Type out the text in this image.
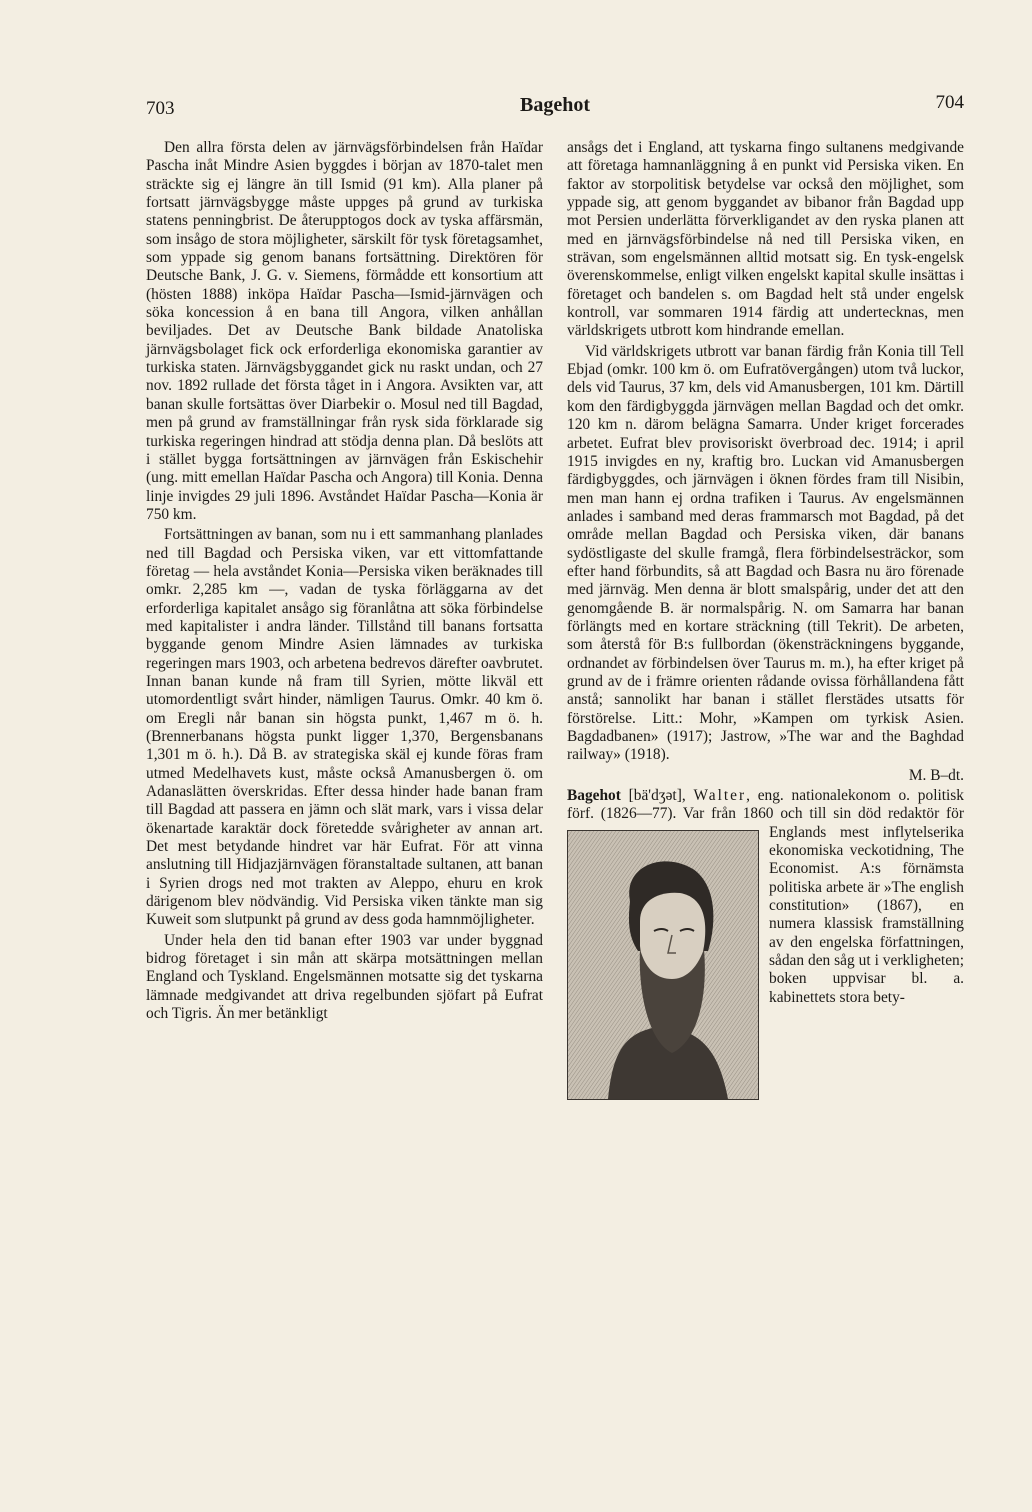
703	Bagehot	704

Den allra första delen av järnvägsförbindelsen från Haïdar Pascha inåt Mindre Asien byggdes i början av 1870-talet men sträckte sig ej längre än till Ismid (91 km). Alla planer på fortsatt järnvägsbygge måste uppges på grund av turkiska statens penningbrist. De återupptogos dock av tyska affärsmän, som insågo de stora möjligheter, särskilt för tysk företagsamhet, som yppade sig genom banans fortsättning. Direktören för Deutsche Bank, J. G. v. Siemens, förmådde ett konsortium att (hösten 1888) inköpa Haïdar Pascha—Ismid-järnvägen och söka koncession å en bana till Angora, vilken anhållan beviljades. Det av Deutsche Bank bildade Anatoliska järnvägsbolaget fick ock erforderliga ekonomiska garantier av turkiska staten. Järnvägsbyggandet gick nu raskt undan, och 27 nov. 1892 rullade det första tåget in i Angora. Avsikten var, att banan skulle fortsättas över Diarbekir o. Mosul ned till Bagdad, men på grund av framställningar från rysk sida förklarade sig turkiska regeringen hindrad att stödja denna plan. Då beslöts att i stället bygga fortsättningen av järnvägen från Eskischehir (ung. mitt emellan Haïdar Pascha och Angora) till Konia. Denna linje invigdes 29 juli 1896. Avståndet Haïdar Pascha—Konia är 750 km.

Fortsättningen av banan, som nu i ett sammanhang planlades ned till Bagdad och Persiska viken, var ett vittomfattande företag — hela avståndet Konia—Persiska viken beräknades till omkr. 2,285 km —, vadan de tyska förläggarna av det erforderliga kapitalet ansågo sig föranlåtna att söka förbindelse med kapitalister i andra länder. Tillstånd till banans fortsatta byggande genom Mindre Asien lämnades av turkiska regeringen mars 1903, och arbetena bedrevos därefter oavbrutet. Innan banan kunde nå fram till Syrien, mötte likväl ett utomordentligt svårt hinder, nämligen Taurus. Omkr. 40 km ö. om Eregli når banan sin högsta punkt, 1,467 m ö. h. (Brennerbanans högsta punkt ligger 1,370, Bergensbanans 1,301 m ö. h.). Då B. av strategiska skäl ej kunde föras fram utmed Medelhavets kust, måste också Amanusbergen ö. om Adanaslätten överskridas. Efter dessa hinder hade banan fram till Bagdad att passera en jämn och slät mark, vars i vissa delar ökenartade karaktär dock företedde svårigheter av annan art. Det mest betydande hindret var här Eufrat. För att vinna anslutning till Hidjazjärnvägen föranstaltade sultanen, att banan i Syrien drogs ned mot trakten av Aleppo, ehuru en krok därigenom blev nödvändig. Vid Persiska viken tänkte man sig Kuweit som slutpunkt på grund av dess goda hamnmöjligheter.

Under hela den tid banan efter 1903 var under byggnad bidrog företaget i sin mån att skärpa motsättningen mellan England och Tyskland. Engelsmännen motsatte sig det tyskarna lämnade medgivandet att driva regelbunden sjöfart på Eufrat och Tigris. Än mer betänkligt

ansågs det i England, att tyskarna fingo sultanens medgivande att företaga hamnanläggning å en punkt vid Persiska viken. En faktor av storpolitisk betydelse var också den möjlighet, som yppade sig, att genom byggandet av bibanor från Bagdad upp mot Persien underlätta förverkligandet av den ryska planen att med en järnvägsförbindelse nå ned till Persiska viken, en strävan, som engelsmännen alltid motsatt sig. En tysk-engelsk överenskommelse, enligt vilken engelskt kapital skulle insättas i företaget och bandelen s. om Bagdad helt stå under engelsk kontroll, var sommaren 1914 färdig att undertecknas, men världskrigets utbrott kom hindrande emellan.

Vid världskrigets utbrott var banan färdig från Konia till Tell Ebjad (omkr. 100 km ö. om Eufratövergången) utom två luckor, dels vid Taurus, 37 km, dels vid Amanusbergen, 101 km. Därtill kom den färdigbyggda järnvägen mellan Bagdad och det omkr. 120 km n. därom belägna Samarra. Under kriget forcerades arbetet. Eufrat blev provisoriskt överbroad dec. 1914; i april 1915 invigdes en ny, kraftig bro. Luckan vid Amanusbergen färdigbyggdes, och järnvägen i öknen fördes fram till Nisibin, men man hann ej ordna trafiken i Taurus. Av engelsmännen anlades i samband med deras frammarsch mot Bagdad, på det område mellan Bagdad och Persiska viken, där banans sydöstligaste del skulle framgå, flera förbindelsesträckor, som efter hand förbundits, så att Bagdad och Basra nu äro förenade med järnväg. Men denna är blott smalspårig, under det att den genomgående B. är normalspårig. N. om Samarra har banan förlängts med en kortare sträckning (till Tekrit). De arbeten, som återstå för B:s fullbordan (ökensträckningens byggande, ordnandet av förbindelsen över Taurus m. m.), ha efter kriget på grund av de i främre orienten rådande ovissa förhållandena fått anstå; sannolikt har banan i stället flerstädes utsatts för förstörelse. Litt.: Mohr, »Kampen om tyrkisk Asien. Bagdadbanen» (1917); Jastrow, »The war and the Baghdad railway» (1918).

M. B–dt.

Bagehot [bä'dʒət], Walter, eng. nationalekonom o. politisk förf. (1826—77). Var från 1860 och till sin död redaktör för Eng
lands mest inflytelserika ekonomiska veckotidning, The Economist. A:s förnämsta politiska arbete är »The english constitution» (1867), en numera klassisk framställning av den engelska författningen, sådan den såg ut i verkligheten; boken uppvisar bl. a. kabinettets stora bety-
